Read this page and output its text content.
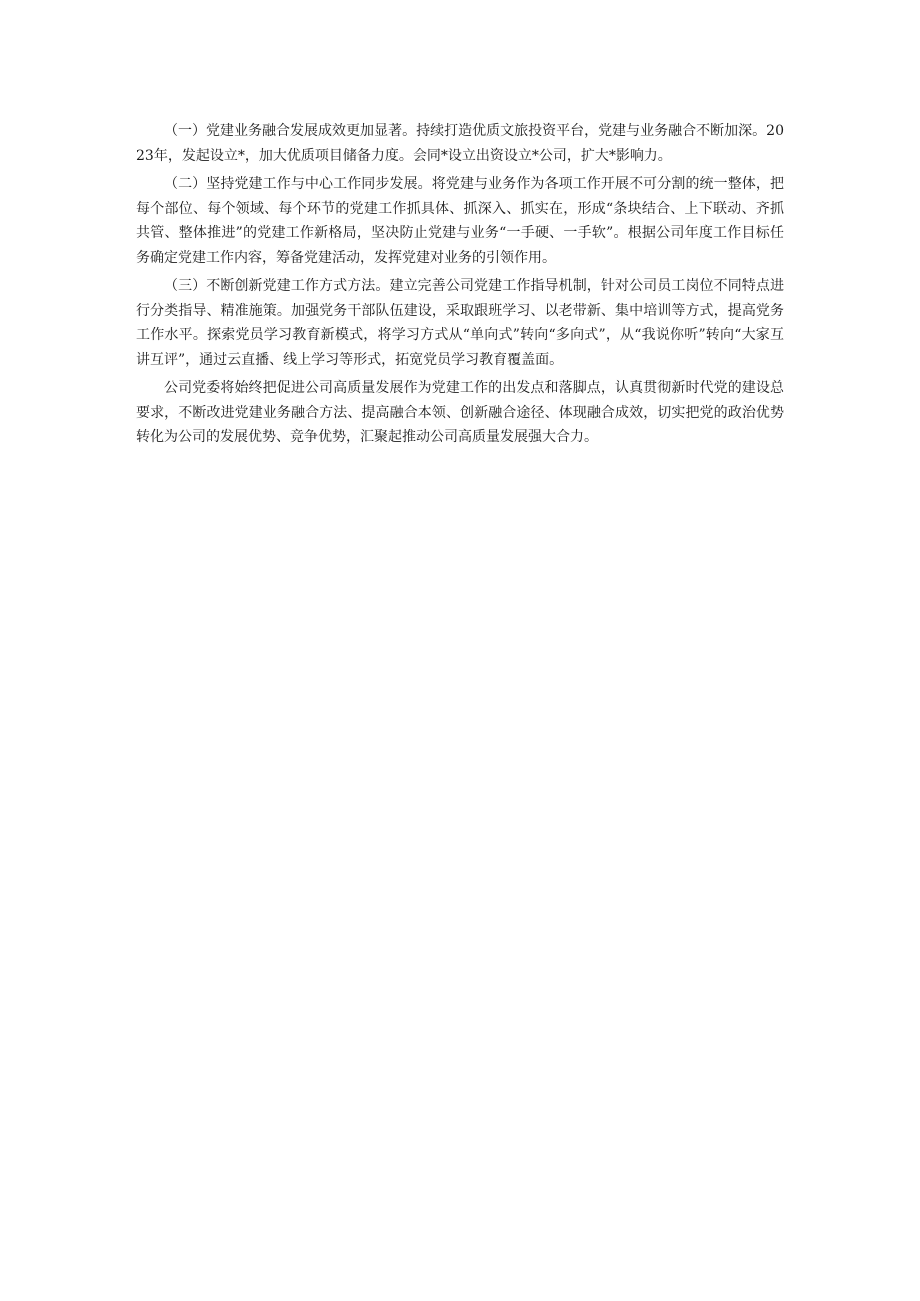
（一）党建业务融合发展成效更加显著。持续打造优质文旅投资平台，党建与业务融合不断加深。2023年，发起设立*，加大优质项目储备力度。会同*设立出资设立*公司，扩大*影响力。

（二）坚持党建工作与中心工作同步发展。将党建与业务作为各项工作开展不可分割的统一整体，把每个部位、每个领域、每个环节的党建工作抓具体、抓深入、抓实在，形成“条块结合、上下联动、齐抓共管、整体推进”的党建工作新格局，坚决防止党建与业务“一手硬、一手软”。根据公司年度工作目标任务确定党建工作内容，筹备党建活动，发挥党建对业务的引领作用。

（三）不断创新党建工作方式方法。建立完善公司党建工作指导机制，针对公司员工岗位不同特点进行分类指导、精准施策。加强党务干部队伍建设，采取跟班学习、以老带新、集中培训等方式，提高党务工作水平。探索党员学习教育新模式，将学习方式从“单向式”转向“多向式”，从“我说你听”转向“大家互讲互评”，通过云直播、线上学习等形式，拓宽党员学习教育覆盖面。

公司党委将始终把促进公司高质量发展作为党建工作的出发点和落脚点，认真贯彻新时代党的建设总要求，不断改进党建业务融合方法、提高融合本领、创新融合途径、体现融合成效，切实把党的政治优势转化为公司的发展优势、竞争优势，汇聚起推动公司高质量发展强大合力。
